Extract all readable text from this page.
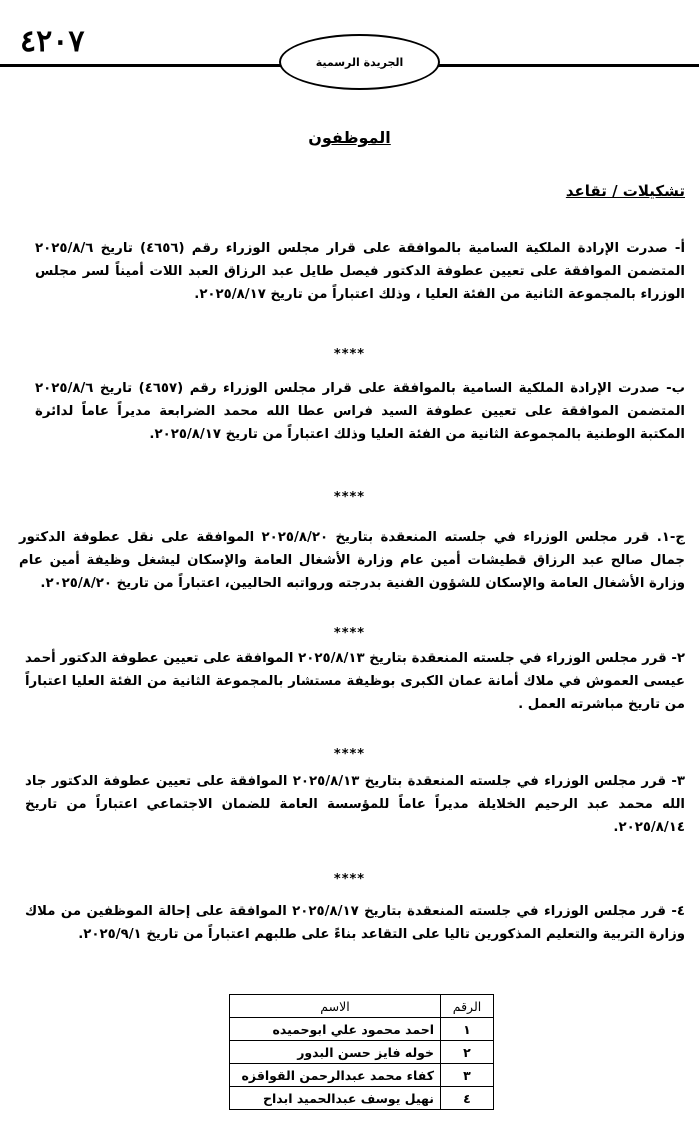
٤٢٠٧
الجريدة الرسمية
الموظفون
تشكيلات / تقاعد

أ- صدرت الإرادة الملكية السامية بالموافقة على قرار مجلس الوزراء رقم (٤٦٥٦) تاريخ ٢٠٢٥/٨/٦ المتضمن الموافقة على تعيين عطوفة الدكتور فيصل طايل عبد الرزاق العبد اللات أميناً لسر مجلس الوزراء بالمجموعة الثانية من الفئة العليا ، وذلك اعتباراً من تاريخ ٢٠٢٥/٨/١٧.

****

ب- صدرت الإرادة الملكية السامية بالموافقة على قرار مجلس الوزراء رقم (٤٦٥٧) تاريخ ٢٠٢٥/٨/٦ المتضمن الموافقة على تعيين عطوفة السيد فراس عطا الله محمد الضرابعة مديراً عاماً لدائرة المكتبة الوطنية بالمجموعة الثانية من الفئة العليا وذلك اعتباراً من تاريخ ٢٠٢٥/٨/١٧.

****

ج-١. قرر مجلس الوزراء في جلسته المنعقدة بتاريخ ٢٠٢٥/٨/٢٠ الموافقة على نقل عطوفة الدكتور جمال صالح عبد الرزاق قطيشات أمين عام وزارة الأشغال العامة والإسكان ليشغل وظيفة أمين عام وزارة الأشغال العامة والإسكان للشؤون الفنية بدرجته ورواتبه الحاليين، اعتباراً من تاريخ ٢٠٢٥/٨/٢٠.

****

٢- قرر مجلس الوزراء في جلسته المنعقدة بتاريخ ٢٠٢٥/٨/١٣ الموافقة على تعيين عطوفة الدكتور أحمد عيسى العموش في ملاك أمانة عمان الكبرى بوظيفة مستشار بالمجموعة الثانية من الفئة العليا اعتباراً من تاريخ مباشرته العمل .

****

٣- قرر مجلس الوزراء في جلسته المنعقدة بتاريخ ٢٠٢٥/٨/١٣ الموافقة على تعيين عطوفة الدكتور جاد الله محمد عبد الرحيم الخلايلة مديراً عاماً للمؤسسة العامة للضمان الاجتماعي اعتباراً من تاريخ ٢٠٢٥/٨/١٤.

****

٤- قرر مجلس الوزراء في جلسته المنعقدة بتاريخ ٢٠٢٥/٨/١٧ الموافقة على إحالة الموظفين من ملاك وزارة التربية والتعليم المذكورين تاليا على التقاعد بناءً على طلبهم اعتباراً من تاريخ ٢٠٢٥/٩/١.

الرقم	الاسم
١	احمد محمود علي ابوحميده
٢	خوله فايز حسن البدور
٣	كفاء محمد عبدالرحمن القواقزه
٤	نهيل يوسف عبدالحميد ابداح
